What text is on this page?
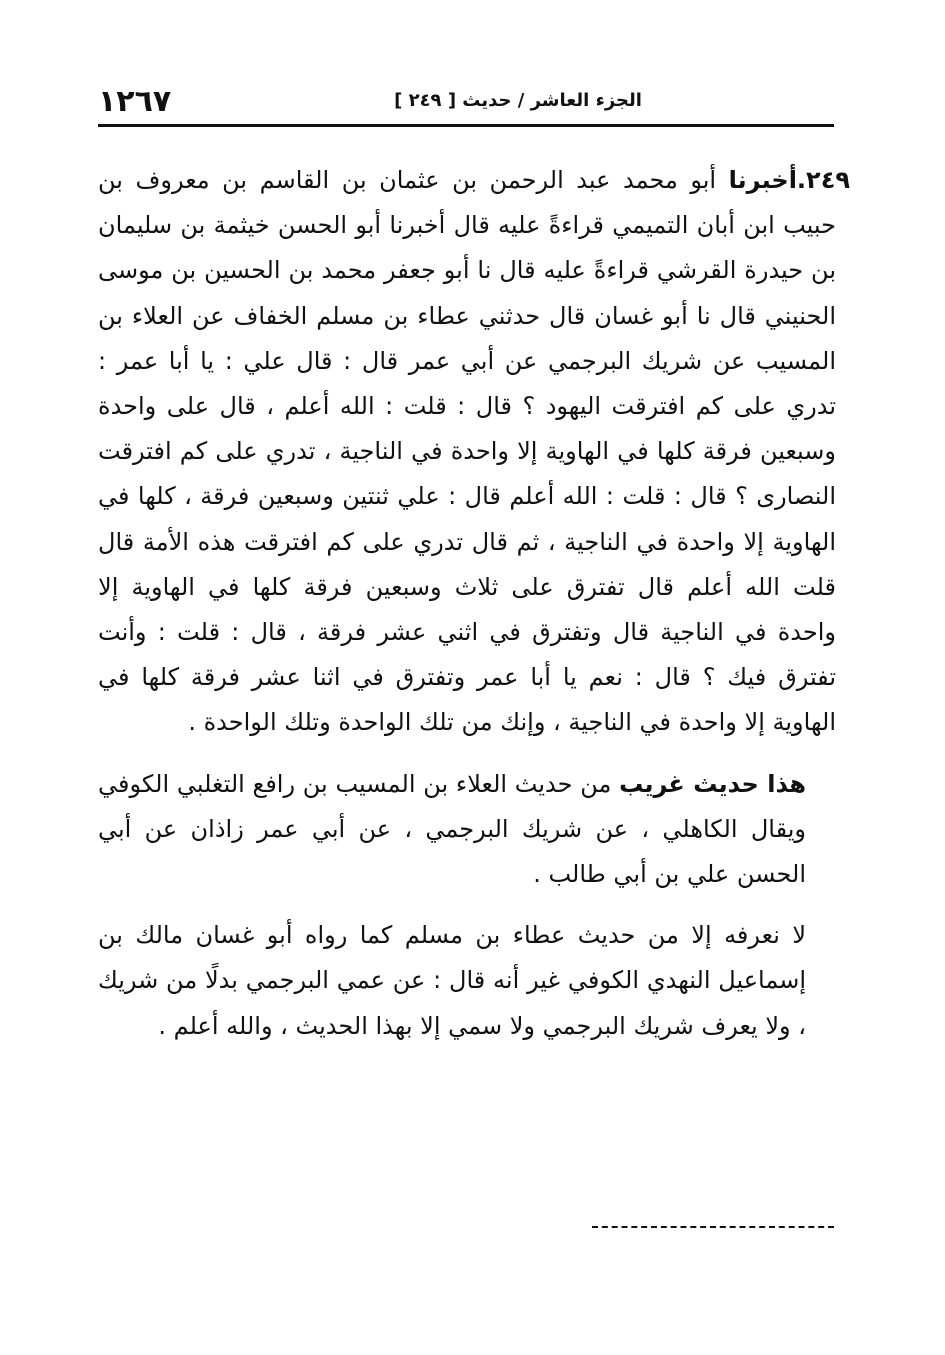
١٢٦٧	الجزء العاشر / حديث [ ٢٤٩ ]

٢٤٩.أخبرنا أبو محمد عبد الرحمن بن عثمان بن القاسم بن معروف بن حبيب ابن أبان التميمي قراءةً عليه قال أخبرنا أبو الحسن خيثمة بن سليمان بن حيدرة القرشي قراءةً عليه قال نا أبو جعفر محمد بن الحسين بن موسى الحنيني قال نا أبو غسان قال حدثني عطاء بن مسلم الخفاف عن العلاء بن المسيب عن شريك البرجمي عن أبي عمر قال : قال علي : يا أبا عمر : تدري على كم افترقت اليهود ؟ قال : قلت : الله أعلم ، قال على واحدة وسبعين فرقة كلها في الهاوية إلا واحدة في الناجية ، تدري على كم افترقت النصارى ؟ قال : قلت : الله أعلم قال : علي ثنتين وسبعين فرقة ، كلها في الهاوية إلا واحدة في الناجية ، ثم قال تدري على كم افترقت هذه الأمة قال قلت الله أعلم قال تفترق على ثلاث وسبعين فرقة كلها في الهاوية إلا واحدة في الناجية قال وتفترق في اثني عشر فرقة ، قال : قلت : وأنت تفترق فيك ؟ قال : نعم يا أبا عمر وتفترق في اثنا عشر فرقة كلها في الهاوية إلا واحدة في الناجية ، وإنك من تلك الواحدة وتلك الواحدة .

هذا حديث غريب من حديث العلاء بن المسيب بن رافع التغلبي الكوفي ويقال الكاهلي ، عن شريك البرجمي ، عن أبي عمر زاذان عن أبي الحسن علي بن أبي طالب .

لا نعرفه إلا من حديث عطاء بن مسلم كما رواه أبو غسان مالك بن إسماعيل النهدي الكوفي غير أنه قال : عن عمي البرجمي بدلًا من شريك ، ولا يعرف شريك البرجمي ولا سمي إلا بهذا الحديث ، والله أعلم .
